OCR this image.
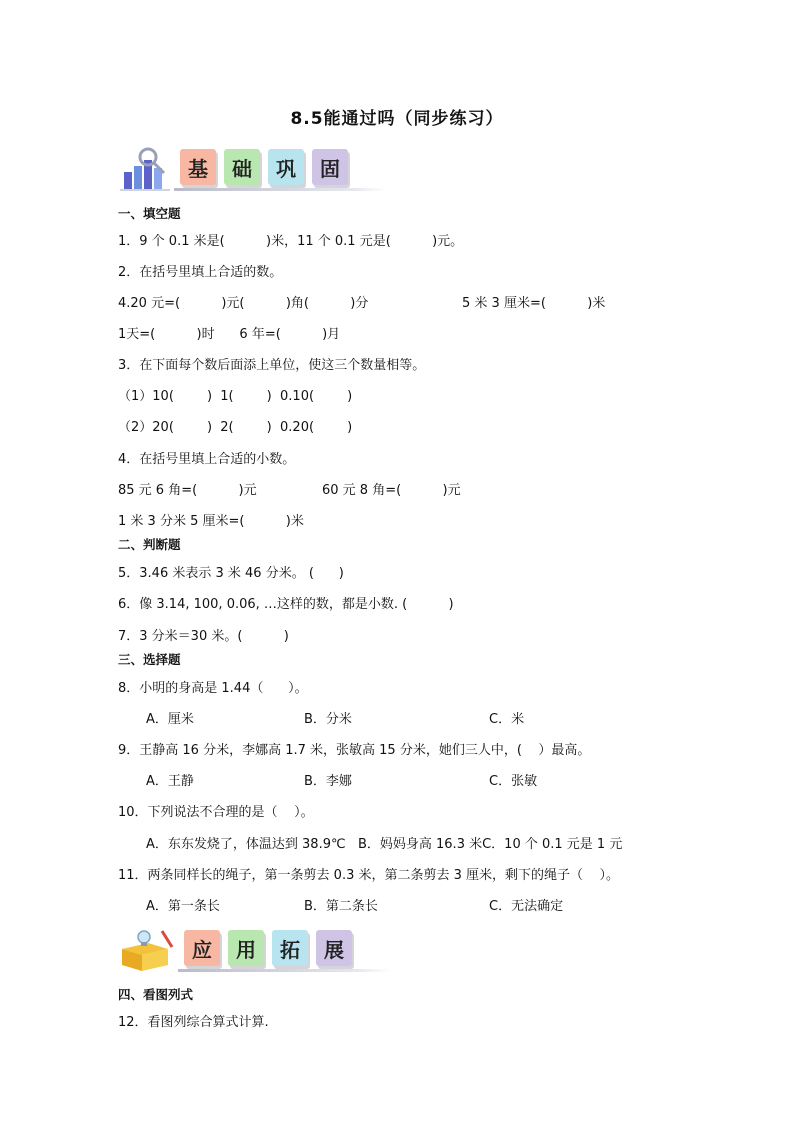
8.5能通过吗（同步练习）
基	础	巩	固
一、填空题
1．9 个 0.1 米是(          )米，11 个 0.1 元是(          )元。
2．在括号里填上合适的数。
4.20 元=(          )元(          )角(          )分	5 米 3 厘米=(          )米
1天=(          )时      6 年=(          )月
3．在下面每个数后面添上单位，使这三个数量相等。
（1）10(        )  1(        )  0.10(        )
（2）20(        )  2(        )  0.20(        )
4．在括号里填上合适的小数。
85 元 6 角=(          )元	60 元 8 角=(          )元
1 米 3 分米 5 厘米=(          )米
二、判断题
5．3.46 米表示 3 米 46 分米。 (      )
6．像 3.14, 100, 0.06, …这样的数，都是小数. (          )
7．3 分米＝30 米。(          )
三、选择题
8．小明的身高是 1.44（      ）。
A．厘米	B．分米	C．米
9．王静高 16 分米，李娜高 1.7 米，张敏高 15 分米，她们三人中，(    ）最高。
A．王静	B．李娜	C．张敏
10．下列说法不合理的是（    ）。
A．东东发烧了，体温达到 38.9℃   B．妈妈身高 16.3 米C．10 个 0.1 元是 1 元
11．两条同样长的绳子，第一条剪去 0.3 米，第二条剪去 3 厘米，剩下的绳子（    ）。
A．第一条长	B．第二条长	C．无法确定
应	用	拓	展
四、看图列式
12．看图列综合算式计算.
